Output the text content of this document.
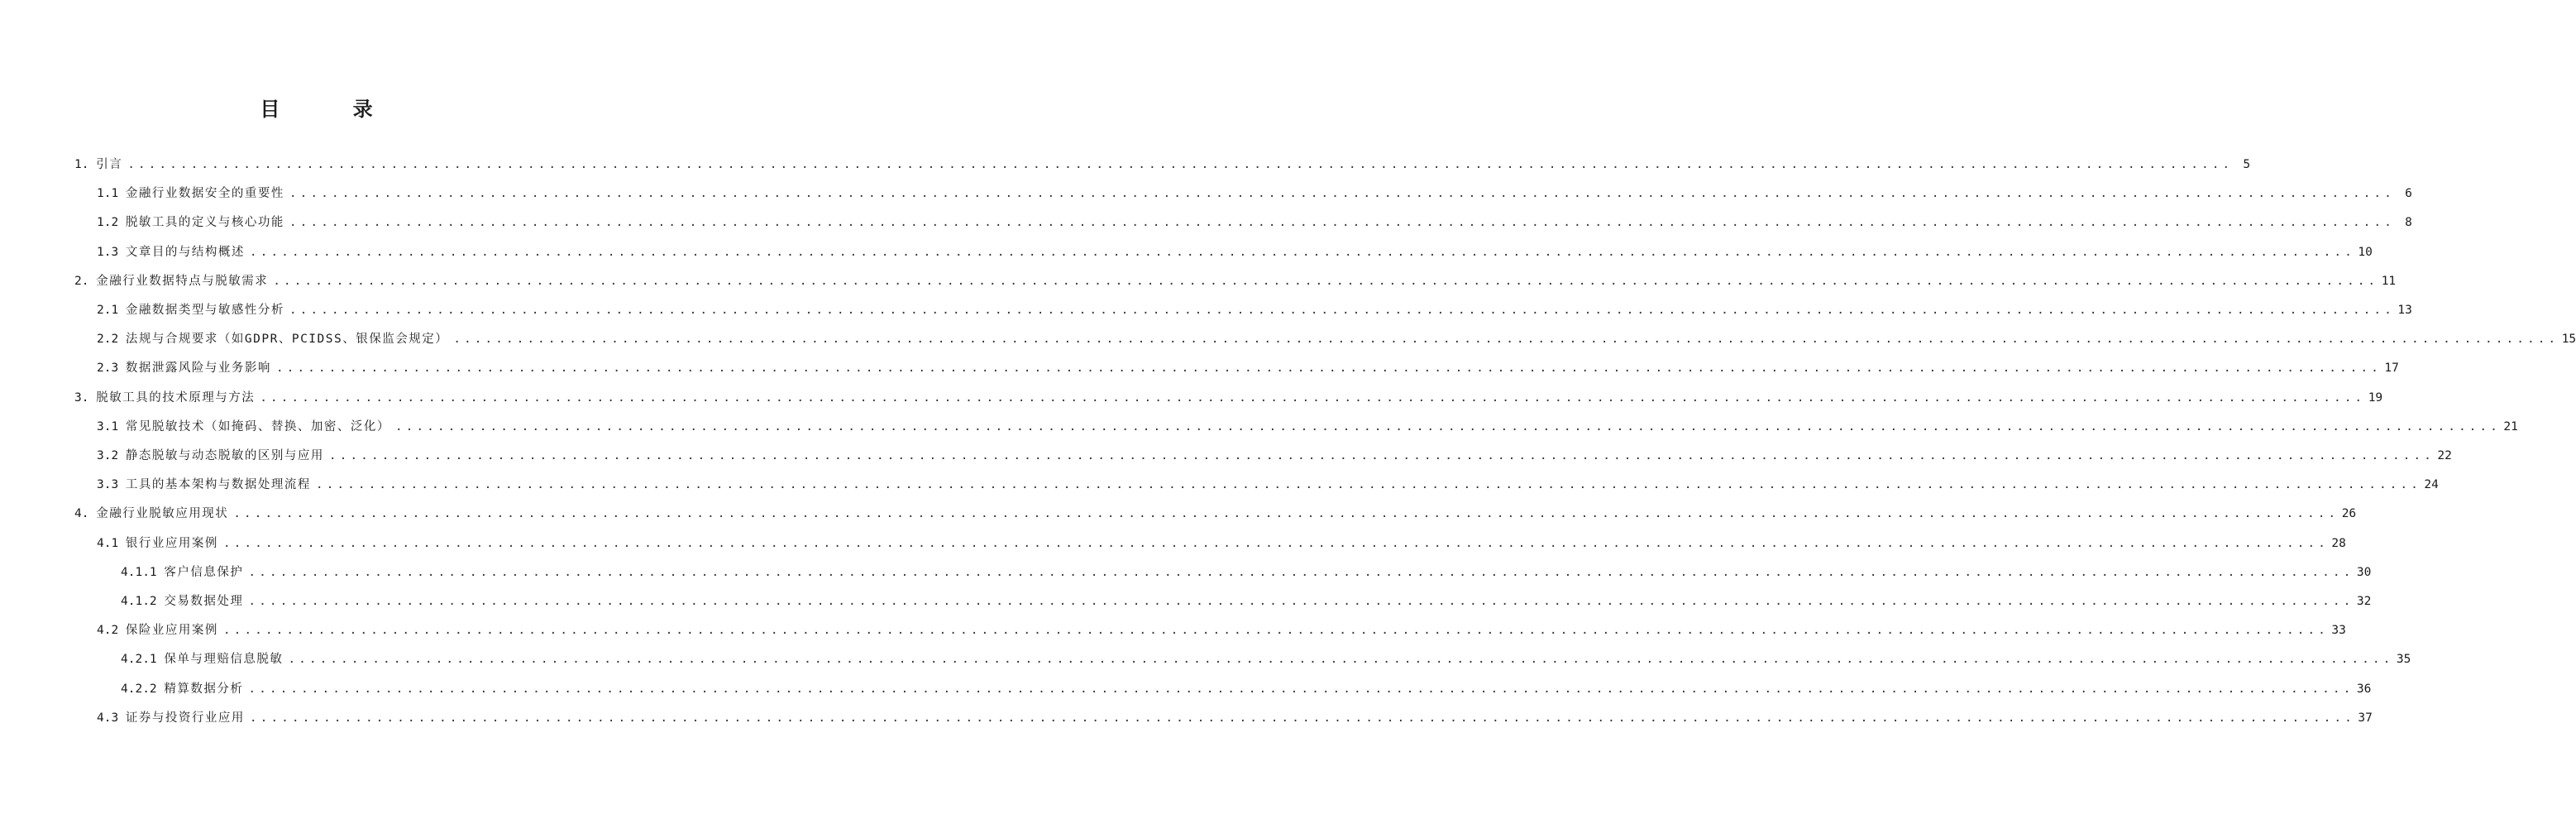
目 录
1. 引言 ........................................................................................................................................................................................................ 5
1.1 金融行业数据安全的重要性 ........................................................................................................................................................................................................ 6
1.2 脱敏工具的定义与核心功能 ........................................................................................................................................................................................................ 8
1.3 文章目的与结构概述 ........................................................................................................................................................................................................ 10
2. 金融行业数据特点与脱敏需求 ........................................................................................................................................................................................................ 11
2.1 金融数据类型与敏感性分析 ........................................................................................................................................................................................................ 13
2.2 法规与合规要求（如GDPR、PCIDSS、银保监会规定） ........................................................................................................................................................................................................ 15
2.3 数据泄露风险与业务影响 ........................................................................................................................................................................................................ 17
3. 脱敏工具的技术原理与方法 ........................................................................................................................................................................................................ 19
3.1 常见脱敏技术（如掩码、替换、加密、泛化） ........................................................................................................................................................................................................ 21
3.2 静态脱敏与动态脱敏的区别与应用 ........................................................................................................................................................................................................ 22
3.3 工具的基本架构与数据处理流程 ........................................................................................................................................................................................................ 24
4. 金融行业脱敏应用现状 ........................................................................................................................................................................................................ 26
4.1 银行业应用案例 ........................................................................................................................................................................................................ 28
4.1.1 客户信息保护 ........................................................................................................................................................................................................ 30
4.1.2 交易数据处理 ........................................................................................................................................................................................................ 32
4.2 保险业应用案例 ........................................................................................................................................................................................................ 33
4.2.1 保单与理赔信息脱敏 ........................................................................................................................................................................................................ 35
4.2.2 精算数据分析 ........................................................................................................................................................................................................ 36
4.3 证券与投资行业应用 ........................................................................................................................................................................................................ 37
